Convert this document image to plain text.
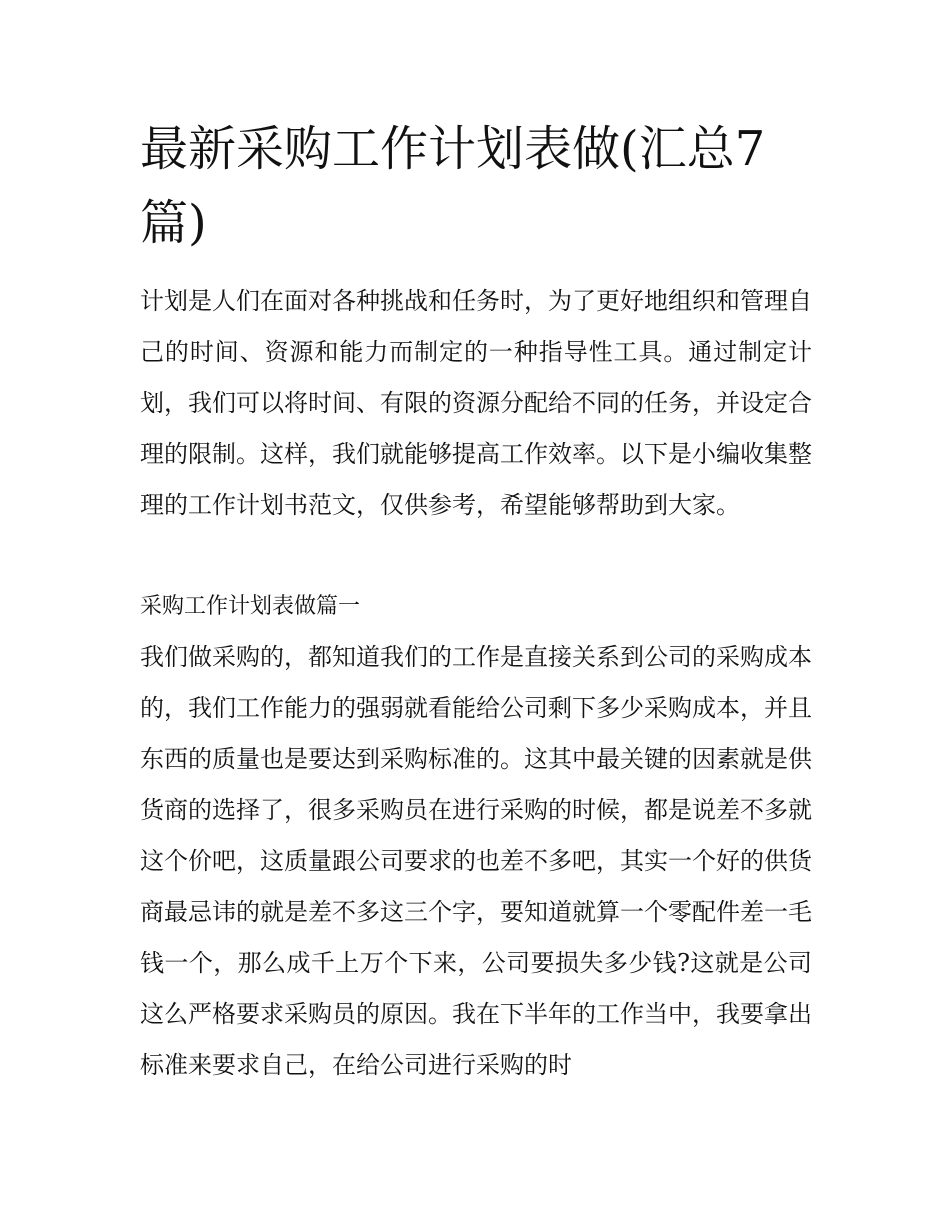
最新采购工作计划表做(汇总7篇)

计划是人们在面对各种挑战和任务时，为了更好地组织和管理自己的时间、资源和能力而制定的一种指导性工具。通过制定计划，我们可以将时间、有限的资源分配给不同的任务，并设定合理的限制。这样，我们就能够提高工作效率。以下是小编收集整理的工作计划书范文，仅供参考，希望能够帮助到大家。

采购工作计划表做篇一

我们做采购的，都知道我们的工作是直接关系到公司的采购成本的，我们工作能力的强弱就看能给公司剩下多少采购成本，并且东西的质量也是要达到采购标准的。这其中最关键的因素就是供货商的选择了，很多采购员在进行采购的时候，都是说差不多就这个价吧，这质量跟公司要求的也差不多吧，其实一个好的供货商最忌讳的就是差不多这三个字，要知道就算一个零配件差一毛钱一个，那么成千上万个下来，公司要损失多少钱?这就是公司这么严格要求采购员的原因。我在下半年的工作当中，我要拿出标准来要求自己，在给公司进行采购的时
